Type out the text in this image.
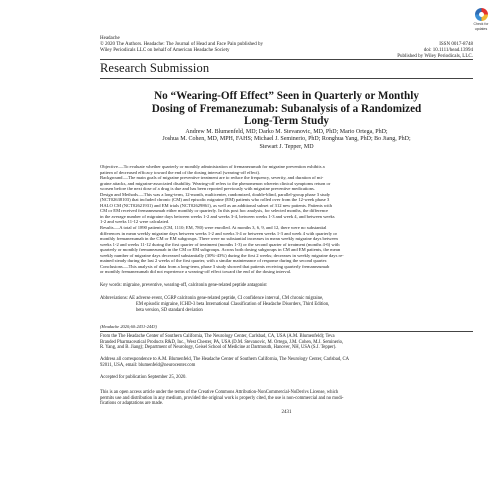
Headache
© 2020 The Authors. Headache: The Journal of Head and Face Pain published by
Wiley Periodicals LLC on behalf of American Headache Society
ISSN 0017-8748
doi: 10.1111/head.13994
Published by Wiley Periodicals, LLC.
Check for
updates
Research Submission
No “Wearing-Off Effect” Seen in Quarterly or Monthly
Dosing of Fremanezumab: Subanalysis of a Randomized
Long-Term Study
Andrew M. Blumenfeld, MD; Darko M. Stevanovic, MD, PhD; Mario Ortega, PhD;
Joshua M. Cohen, MD, MPH, FAHS; Michael J. Seminerio, PhD; Ronghua Yang, PhD; Bo Jiang, PhD;
Stewart J. Tepper, MD
Objective.—To evaluate whether quarterly or monthly administration of fremanezumab for migraine prevention exhibits a
pattern of decreased efficacy toward the end of the dosing interval (wearing-off effect).
Background.—The main goals of migraine preventive treatment are to reduce the frequency, severity, and duration of mi-
graine attacks, and migraine-associated disability. Wearing-off refers to the phenomenon wherein clinical symptoms return or
worsen before the next dose of a drug is due and has been reported previously with migraine preventive medications.
Design and Methods.—This was a long-term, 12-month, multicenter, randomized, double-blind, parallel-group phase 3 study
(NCT02638103) that included chronic (CM) and episodic migraine (EM) patients who rolled over from the 12-week phase 3
HALO CM (NCT02621931) and EM trials (NCT02629861), as well as an additional subset of 312 new patients. Patients with
CM or EM received fremanezumab either monthly or quarterly. In this post hoc analysis, for selected months, the difference
in the average number of migraine days between weeks 1-2 and weeks 3-4, between weeks 1-3 and week 4, and between weeks
1-2 and weeks 11-12 were calculated.
Results.—A total of 1890 patients (CM, 1110; EM, 780) were enrolled. At months 3, 6, 9, and 12, there were no substantial
differences in mean weekly migraine days between weeks 1-2 and weeks 3-4 or between weeks 1-3 and week 4 with quarterly or
monthly fremanezumab in the CM or EM subgroups. There were no substantial increases in mean weekly migraine days between
weeks 1-2 and weeks 11-12 during the first quarter of treatment (months 1-3) or the second quarter of treatment (months 4-6) with
quarterly or monthly fremanezumab in the CM or EM subgroups. Across both dosing subgroups in CM and EM patients, the mean
weekly number of migraine days decreased substantially (30%-43%) during the first 2 weeks; decreases in weekly migraine days re-
mained steady during the last 2 weeks of the first quarter, with a similar maintenance of response during the second quarter.
Conclusions.—This analysis of data from a long-term, phase 3 study showed that patients receiving quarterly fremanezumab
or monthly fremanezumab did not experience a wearing-off effect toward the end of the dosing interval.
Key words: migraine, preventive, wearing-off, calcitonin gene-related peptide antagonist
Abbreviations: AE adverse event, CGRP calcitonin gene-related peptide, CI confidence interval, CM chronic migraine,
EM episodic migraine, ICHD-3 beta International Classification of Headache Disorders, Third Edition,
beta version, SD standard deviation
(Headache 2020;60:2431-2443)
From the The Headache Center of Southern California, The Neurology Center, Carlsbad, CA, USA (A.M. Blumenfeld); Teva
Branded Pharmaceutical Products R&D, Inc., West Chester, PA, USA (D.M. Stevanovic, M. Ortega, J.M. Cohen, M.J. Seminerio,
R. Yang, and B. Jiang); Department of Neurology, Geisel School of Medicine at Dartmouth, Hanover, NH, USA (S.J. Tepper).
Address all correspondence to A.M. Blumenfeld, The Headache Center of Southern California, The Neurology Center, Carlsbad, CA
92011, USA, email: blumenfeld@neurocenter.com
Accepted for publication September 25, 2020.
This is an open access article under the terms of the Creative Commons Attribution-NonCommercial-NoDerivs License, which
permits use and distribution in any medium, provided the original work is properly cited, the use is non-commercial and no modi-
fications or adaptations are made.
2431
